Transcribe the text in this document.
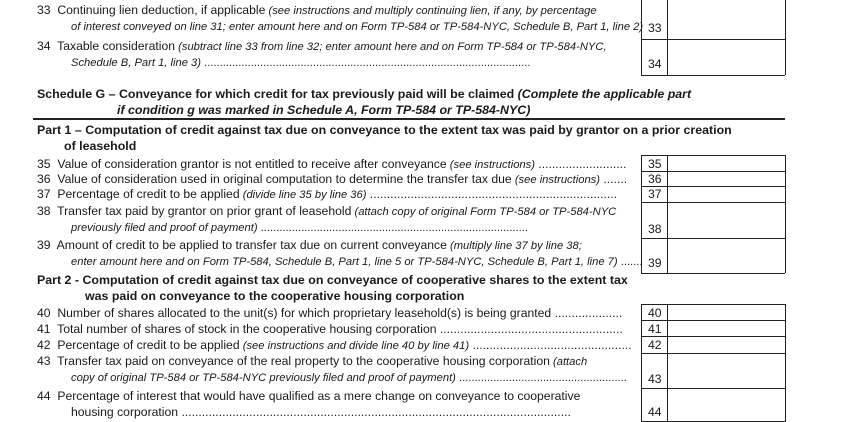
33 Continuing lien deduction, if applicable (see instructions and multiply continuing lien, if any, by percentage
of interest conveyed on line 31; enter amount here and on Form TP-584 or TP-584-NYC, Schedule B, Part 1, line 2) 33
34 Taxable consideration (subtract line 33 from line 32; enter amount here and on Form TP-584 or TP-584-NYC,
Schedule B, Part 1, line 3) .........................................................................................................	34
Schedule G – Conveyance for which credit for tax previously paid will be claimed (Complete the applicable part
if condition g was marked in Schedule A, Form TP-584 or TP-584-NYC)
Part 1 – Computation of credit against tax due on conveyance to the extent tax was paid by grantor on a prior creation
of leasehold
35 Value of consideration grantor is not entitled to receive after conveyance (see instructions) .......................... 35
36 Value of consideration used in original computation to determine the transfer tax due (see instructions) ....... 36
37 Percentage of credit to be applied (divide line 35 by line 36) .........................................................................	37
38 Transfer tax paid by grantor on prior grant of leasehold (attach copy of original Form TP-584 or TP-584-NYC
previously filed and proof of payment) ......................................................................................	38
39 Amount of credit to be applied to transfer tax due on current conveyance (multiply line 37 by line 38;
enter amount here and on Form TP-584, Schedule B, Part 1, line 5 or TP-584-NYC, Schedule B, Part 1, line 7) ....... 39
Part 2 - Computation of credit against tax due on conveyance of cooperative shares to the extent tax
was paid on conveyance to the cooperative housing corporation
40 Number of shares allocated to the unit(s) for which proprietary leasehold(s) is being granted .................... 40
41 Total number of shares of stock in the cooperative housing corporation ...................................................... 41
42 Percentage of credit to be applied (see instructions and divide line 40 by line 41) ............................................... 42
43 Transfer tax paid on conveyance of the real property to the cooperative housing corporation (attach
copy of original TP-584 or TP-584-NYC previously filed and proof of payment) ...................................................... 43
44 Percentage of interest that would have qualified as a mere change on conveyance to cooperative
housing corporation ...................................................................................................................	44
